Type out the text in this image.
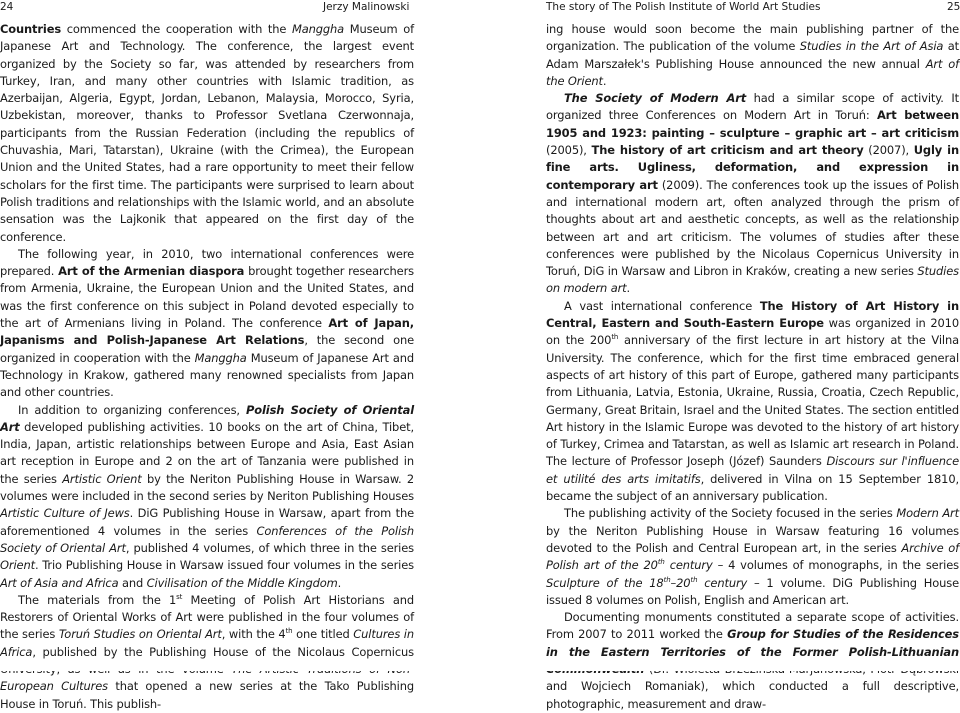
24	Jerzy Malinowski	The story of The Polish Institute of World Art Studies	25

Countries commenced the cooperation with the Manggha Museum of Japanese Art and Technology. The conference, the largest event organized by the Society so far, was attended by researchers from Turkey, Iran, and many other countries with Islamic tradition, as Azerbaijan, Algeria, Egypt, Jordan, Lebanon, Malaysia, Morocco, Syria, Uzbekistan, moreover, thanks to Professor Svetlana Czerwonnaja, participants from the Russian Federation (including the republics of Chuvashia, Mari, Tatarstan), Ukraine (with the Crimea), the European Union and the United States, had a rare opportunity to meet their fellow scholars for the first time. The participants were surprised to learn about Polish traditions and relationships with the Islamic world, and an absolute sensation was the Lajkonik that appeared on the first day of the conference.

The following year, in 2010, two international conferences were prepared. Art of the Armenian diaspora brought together researchers from Armenia, Ukraine, the European Union and the United States, and was the first conference on this subject in Poland devoted especially to the art of Armenians living in Poland. The conference Art of Japan, Japanisms and Polish-Japanese Art Relations, the second one organized in cooperation with the Manggha Museum of Japanese Art and Technology in Krakow, gathered many renowned specialists from Japan and other countries.

In addition to organizing conferences, Polish Society of Oriental Art developed publishing activities. 10 books on the art of China, Tibet, India, Japan, artistic relationships between Europe and Asia, East Asian art reception in Europe and 2 on the art of Tanzania were published in the series Artistic Orient by the Neriton Publishing House in Warsaw. 2 volumes were included in the second series by Neriton Publishing Houses Artistic Culture of Jews. DiG Publishing House in Warsaw, apart from the aforementioned 4 volumes in the series Conferences of the Polish Society of Oriental Art, published 4 volumes, of which three in the series Orient. Trio Publishing House in Warsaw issued four volumes in the series Art of Asia and Africa and Civilisation of the Middle Kingdom.

The materials from the 1st Meeting of Polish Art Historians and Restorers of Oriental Works of Art were published in the four volumes of the series Toruń Studies on Oriental Art, with the 4th one titled Cultures in Africa, published by the Publishing House of the Nicolaus Copernicus European Cultures that opened a new series at the Tako Publishing House in Toruń. This publish-

ing house would soon become the main publishing partner of the organization. The publication of the volume Studies in the Art of Asia at Adam Marszałek's Publishing House announced the new annual Art of the Orient.

The Society of Modern Art had a similar scope of activity. It organized three Conferences on Modern Art in Toruń: Art between 1905 and 1923: painting – sculpture – graphic art – art criticism (2005), The history of art criticism and art theory (2007), Ugly in fine arts. Ugliness, deformation, and expression in contemporary art (2009). The conferences took up the issues of Polish and international modern art, often analyzed through the prism of thoughts about art and aesthetic concepts, as well as the relationship between art and art criticism. The volumes of studies after these conferences were published by the Nicolaus Copernicus University in Toruń, DiG in Warsaw and Libron in Kraków, creating a new series Studies on modern art.

A vast international conference The History of Art History in Central, Eastern and South-Eastern Europe was organized in 2010 on the 200th anniversary of the first lecture in art history at the Vilna University. The conference, which for the first time embraced general aspects of art history of this part of Europe, gathered many participants from Lithuania, Latvia, Estonia, Ukraine, Russia, Croatia, Czech Republic, Germany, Great Britain, Israel and the United States. The section entitled Art history in the Islamic Europe was devoted to the history of art history of Turkey, Crimea and Tatarstan, as well as Islamic art research in Poland. The lecture of Professor Joseph (Józef) Saunders Discours sur l'influence et utilité des arts imitatifs, delivered in Vilna on 15 September 1810, became the subject of an anniversary publication.

The publishing activity of the Society focused in the series Modern Art by the Neriton Publishing House in Warsaw featuring 16 volumes devoted to the Polish and Central European art, in the series Archive of Polish art of the 20th century – 4 volumes of monographs, in the series Sculpture of the 18th–20th century – 1 volume. DiG Publishing House issued 8 volumes on Polish, English and American art.

Documenting monuments constituted a separate scope of activities. From 2007 to 2011 worked the Group for Studies of the Residences in the Eastern Territories of the Former Polish-Lithuanian and Wojciech Romaniak), which conducted a full descriptive, photographic, measurement and draw-
